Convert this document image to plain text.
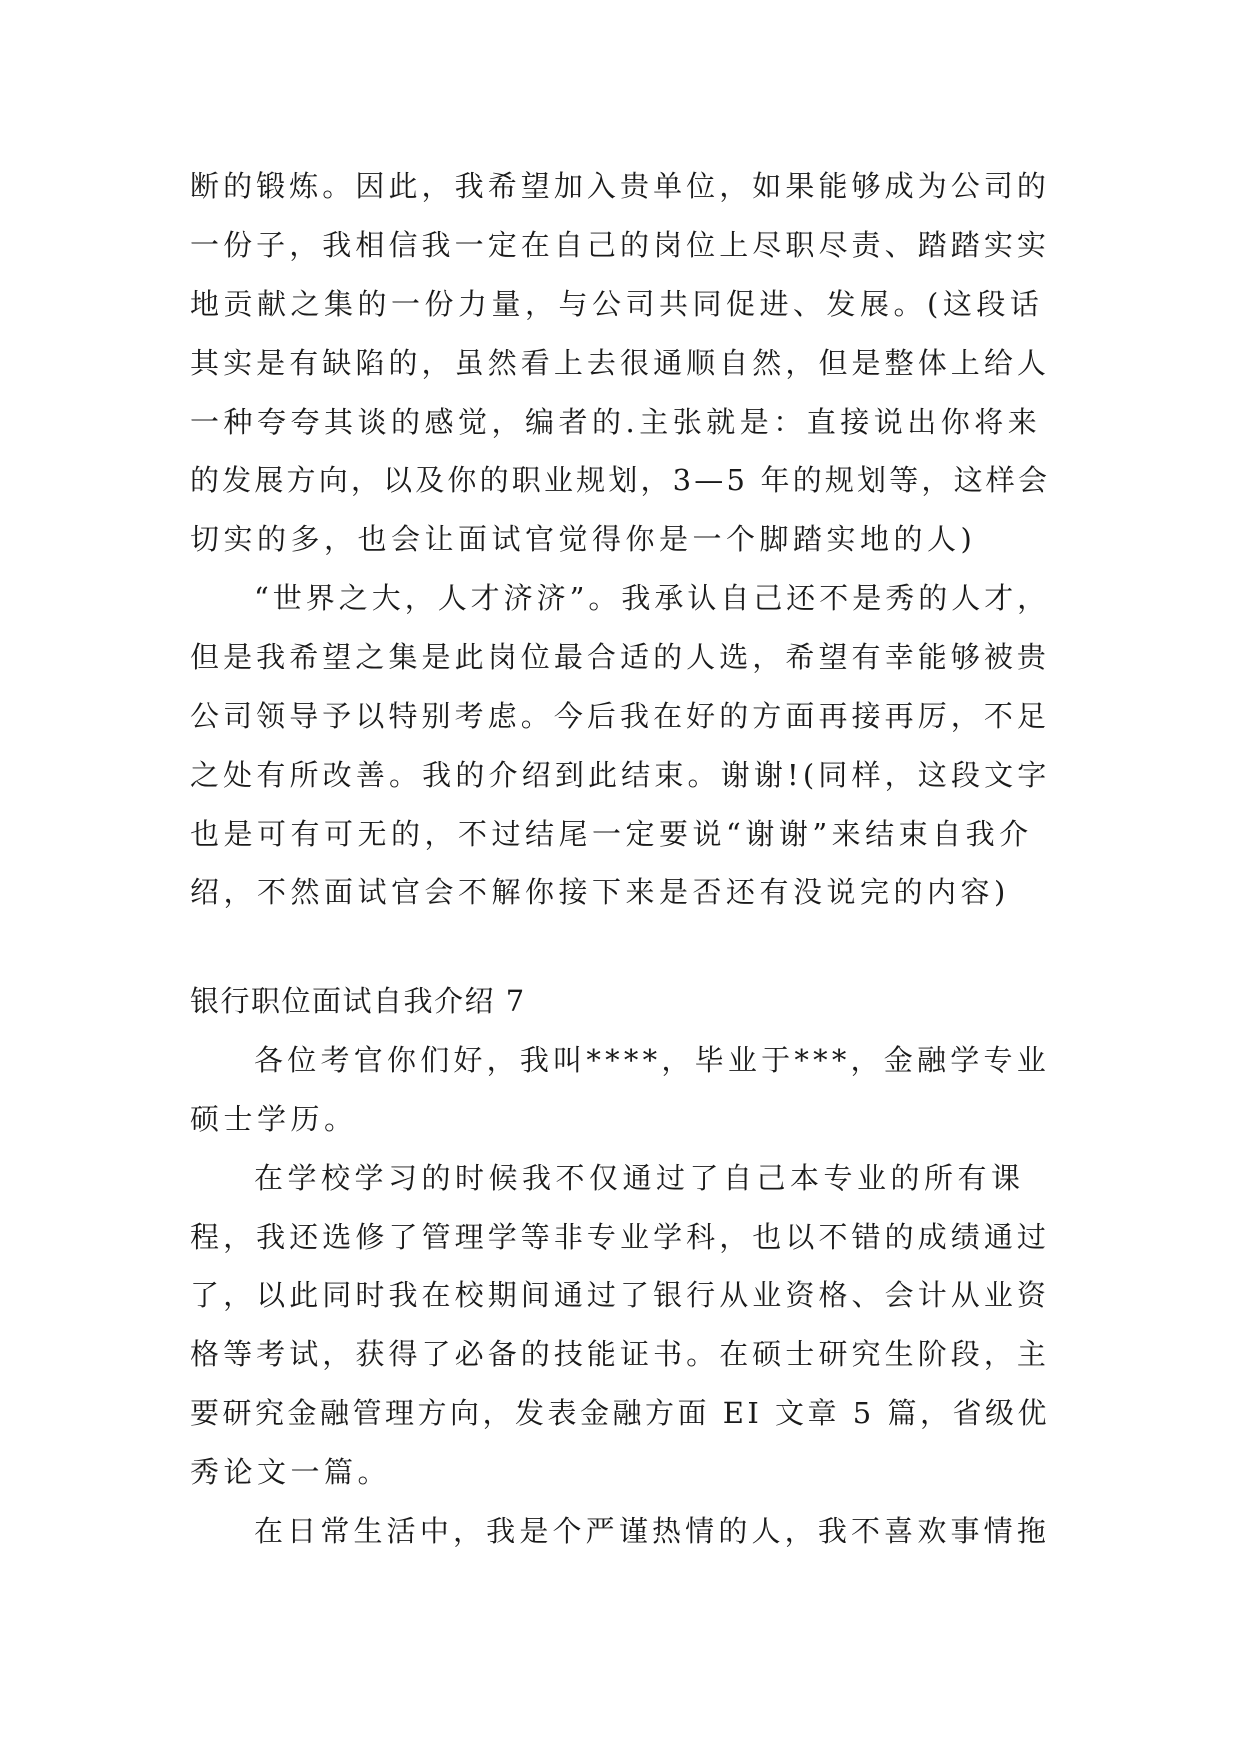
断的锻炼。因此，我希望加入贵单位，如果能够成为公司的
一份子，我相信我一定在自己的岗位上尽职尽责、踏踏实实
地贡献之集的一份力量，与公司共同促进、发展。(这段话
其实是有缺陷的，虽然看上去很通顺自然，但是整体上给人
一种夸夸其谈的感觉，编者的.主张就是：直接说出你将来
的发展方向，以及你的职业规划，3—5 年的规划等，这样会
切实的多，也会让面试官觉得你是一个脚踏实地的人)
“世界之大，人才济济”。我承认自己还不是秀的人才，
但是我希望之集是此岗位最合适的人选，希望有幸能够被贵
公司领导予以特别考虑。今后我在好的方面再接再厉，不足
之处有所改善。我的介绍到此结束。谢谢!(同样，这段文字
也是可有可无的，不过结尾一定要说“谢谢”来结束自我介
绍，不然面试官会不解你接下来是否还有没说完的内容)
银行职位面试自我介绍 7
各位考官你们好，我叫****，毕业于***，金融学专业
硕士学历。
在学校学习的时候我不仅通过了自己本专业的所有课
程，我还选修了管理学等非专业学科，也以不错的成绩通过
了，以此同时我在校期间通过了银行从业资格、会计从业资
格等考试，获得了必备的技能证书。在硕士研究生阶段，主
要研究金融管理方向，发表金融方面 EI 文章 5 篇，省级优
秀论文一篇。
在日常生活中，我是个严谨热情的人，我不喜欢事情拖
